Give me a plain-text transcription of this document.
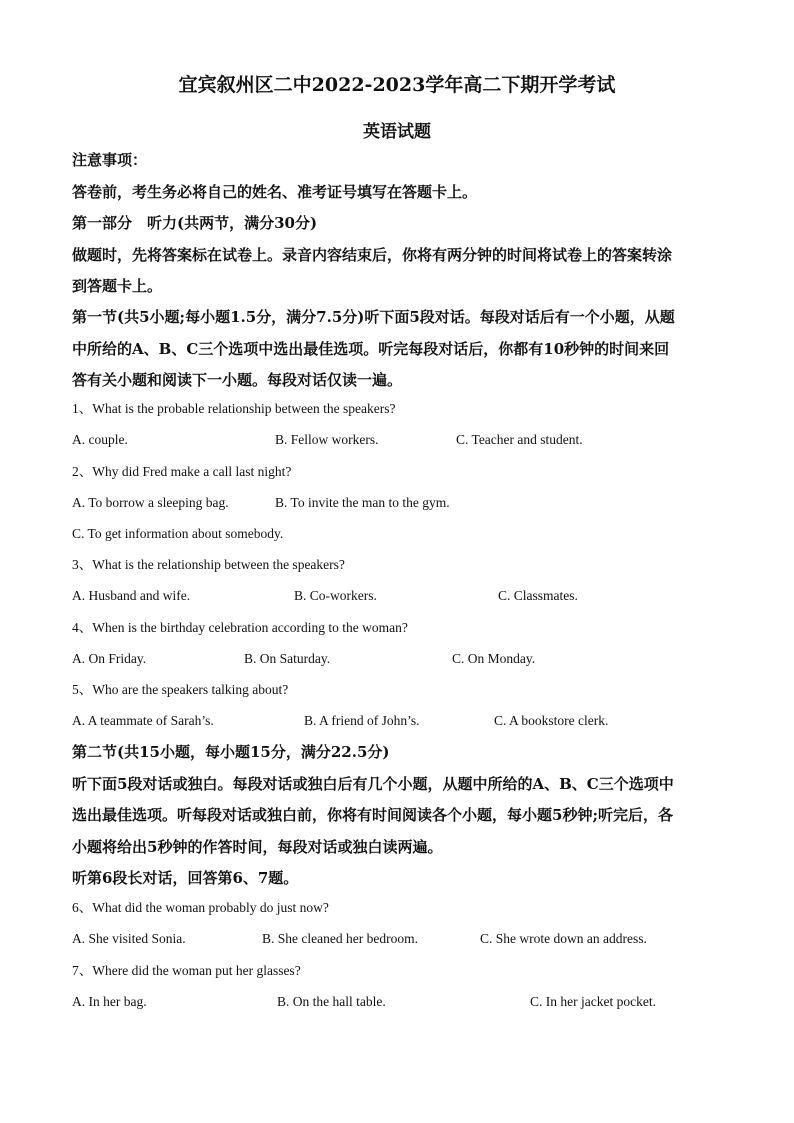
宜宾叙州区二中2022-2023学年高二下期开学考试
英语试题
注意事项：
答卷前，考生务必将自己的姓名、准考证号填写在答题卡上。
第一部分　听力(共两节，满分30分)
做题时，先将答案标在试卷上。录音内容结束后，你将有两分钟的时间将试卷上的答案转涂
到答题卡上。
第一节(共5小题;每小题1.5分，满分7.5分)听下面5段对话。每段对话后有一个小题，从题
中所给的A、B、C三个选项中选出最佳选项。听完每段对话后，你都有10秒钟的时间来回
答有关小题和阅读下一小题。每段对话仅读一遍。
1、What is the probable relationship between the speakers?
A. couple.	B. Fellow workers.	C. Teacher and student.
2、Why did Fred make a call last night?
A. To borrow a sleeping bag.	B. To invite the man to the gym.
C. To get information about somebody.
3、What is the relationship between the speakers?
A. Husband and wife.	B. Co-workers.	C. Classmates.
4、When is the birthday celebration according to the woman?
A. On Friday.	B. On Saturday.	C. On Monday.
5、Who are the speakers talking about?
A. A teammate of Sarah’s.	B. A friend of John’s.	C. A bookstore clerk.
第二节(共15小题，每小题15分，满分22.5分)
听下面5段对话或独白。每段对话或独白后有几个小题，从题中所给的A、B、C三个选项中
选出最佳选项。听每段对话或独白前，你将有时间阅读各个小题，每小题5秒钟;听完后，各
小题将给出5秒钟的作答时间，每段对话或独白读两遍。
听第6段长对话，回答第6、7题。
6、What did the woman probably do just now?
A. She visited Sonia.	B. She cleaned her bedroom.	C. She wrote down an address.
7、Where did the woman put her glasses?
A. In her bag.	B. On the hall table.	C. In her jacket pocket.
